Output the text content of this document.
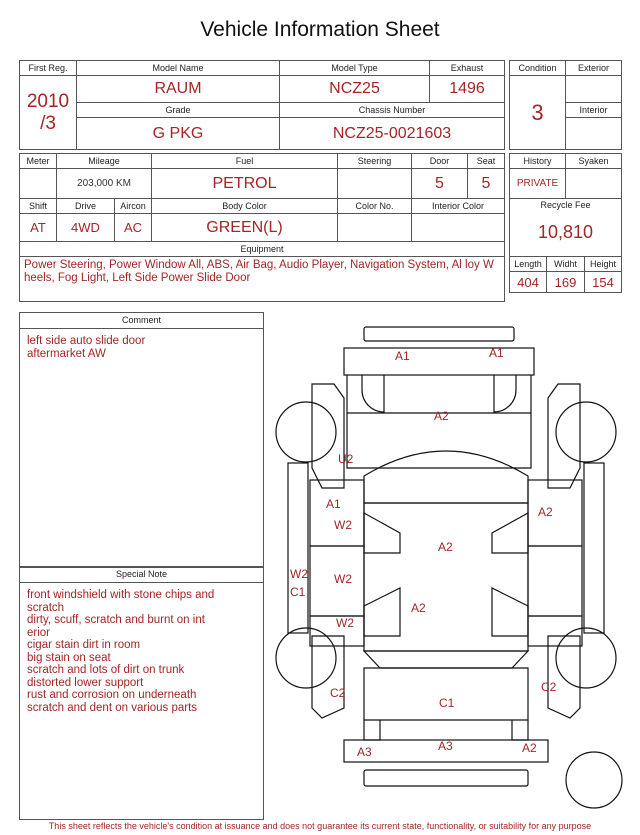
Vehicle Information Sheet
First Reg.	Model Name	Model Type	Exhaust

2010
/3	RAUM	NCZ25	1496
	Grade	Chassis Number	
	G PKG	NCZ25-0021603	
Condition	Exterior
3	
	Interior

Meter	Mileage		Fuel	Steering	Door	Seat
	203,000 KM		PETROL		5	5
Shift	Drive	Aircon	Body Color	Color No.	Interior Color	
AT	4WD	AC	GREEN(L)			
Equipment						
Power Steering, Power Window All, ABS, Air Bag, Audio Player, Navigation System, Al loy Wheels, Fog Light, Left Side Power Slide Door						
History		Syaken	
PRIVATE			

Recycle Fee
10,810			

Length	Widht		Height
404	169		154
Comment
left side auto slide door
aftermarket AW
Special Note
front windshield with stone chips and
scratch
dirty, scuff, scratch and burnt on int
erior
cigar stain dirt in room
big stain on seat
scratch and lots of dirt on trunk
distorted lower support
rust and corrosion on underneath
scratch and dent on various parts
A1	A1
A2
U2
A1
W2
A2
A2
W2 W2
C1
A2
W2
C2	C2
C1
A3	A3	A2
This sheet reflects the vehicle's condition at issuance and does not guarantee its current state, functionality, or suitability for any purpose
